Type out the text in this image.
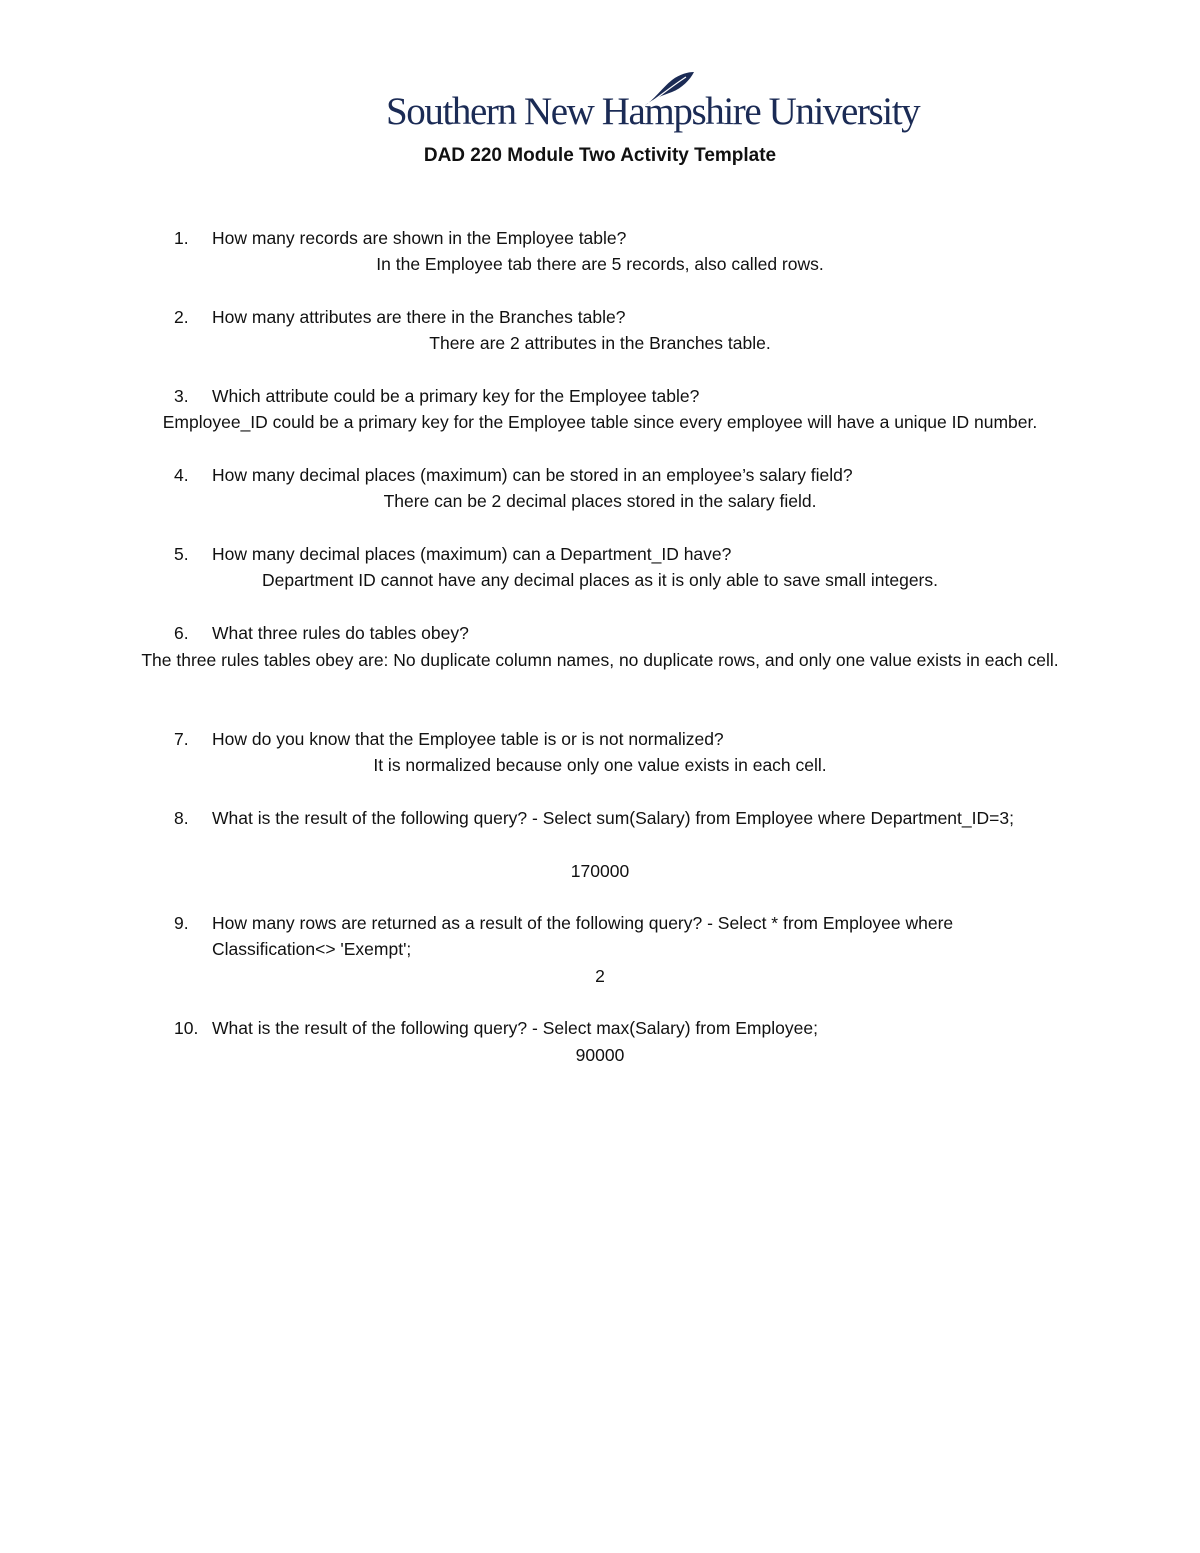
Southern New Hampshire University
DAD 220 Module Two Activity Template
1.	How many records are shown in the Employee table?
In the Employee tab there are 5 records, also called rows.
2.	How many attributes are there in the Branches table?
There are 2 attributes in the Branches table.
3.	Which attribute could be a primary key for the Employee table?
Employee_ID could be a primary key for the Employee table since every employee will have a unique ID number.
4.	How many decimal places (maximum) can be stored in an employee’s salary field?
There can be 2 decimal places stored in the salary field.
5.	How many decimal places (maximum) can a Department_ID have?
Department ID cannot have any decimal places as it is only able to save small integers.
6.	What three rules do tables obey?
The three rules tables obey are: No duplicate column names, no duplicate rows, and only one value exists in each cell.
7.	How do you know that the Employee table is or is not normalized?
It is normalized because only one value exists in each cell.
8.	What is the result of the following query? - Select sum(Salary) from Employee where Department_ID=3;
170000
9.	How many rows are returned as a result of the following query? - Select * from Employee where Classification<> 'Exempt';
2
10. What is the result of the following query? - Select max(Salary) from Employee;
90000
